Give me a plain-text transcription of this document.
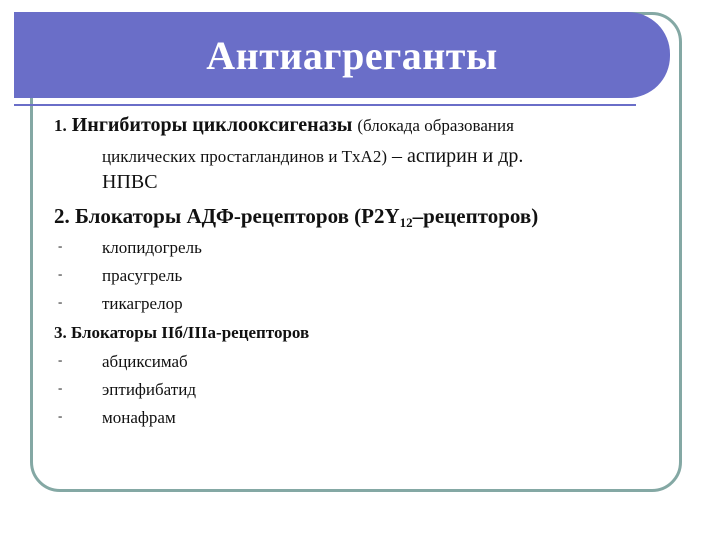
Антиагреганты
1. Ингибиторы циклооксигеназы (блокада образования
циклических простагландинов и TxA2) – аспирин и др.
НПВС
2. Блокаторы АДФ-рецепторов $(P2Y_{12}-рецепторов)$
- клопидогрель
- прасугрель
- тикагрелор
3. Блокаторы IIб/IIIа-рецепторов
- абциксимаб
- эптифибатид
- монафрам
